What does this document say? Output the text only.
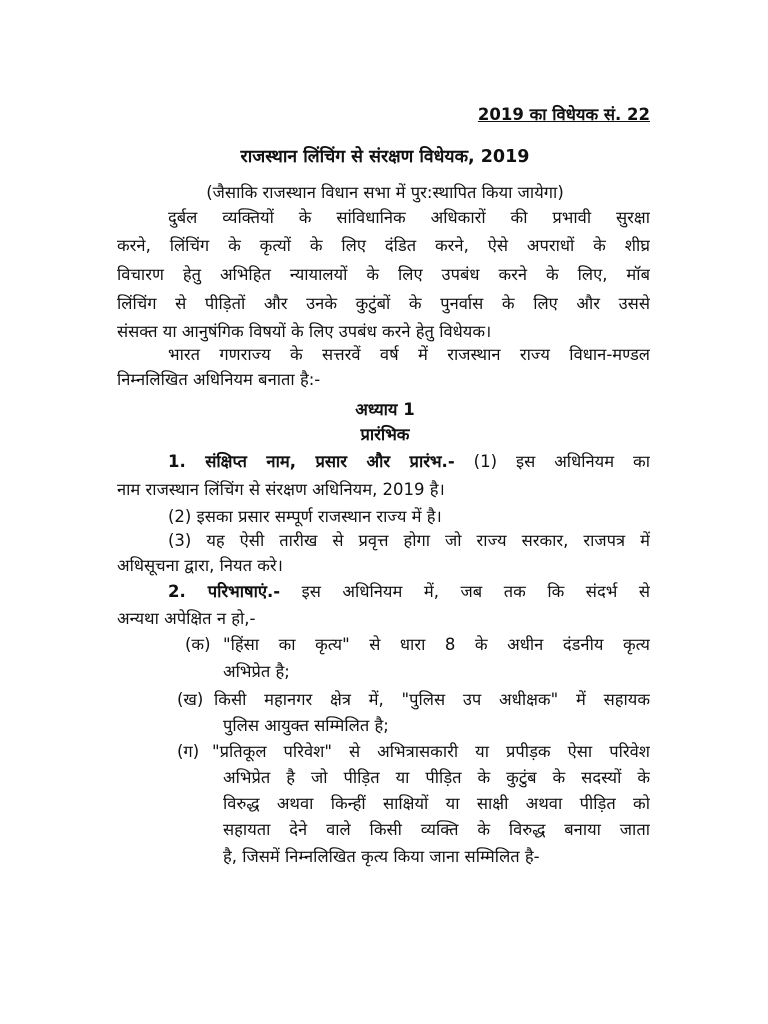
2019 का विधेयक सं. 22
राजस्थान लिंचिंग से संरक्षण विधेयक, 2019
(जैसाकि राजस्थान विधान सभा में पुर:स्थापित किया जायेगा)
दुर्बल व्यक्तियों के सांविधानिक अधिकारों की प्रभावी सुरक्षा
करने, लिंचिंग के कृत्यों के लिए दंडित करने, ऐसे अपराधों के शीघ्र
विचारण हेतु अभिहित न्यायालयों के लिए उपबंध करने के लिए, मॉब
लिंचिंग से पीड़ितों और उनके कुटुंबों के पुनर्वास के लिए और उससे
संसक्त या आनुषंगिक विषयों के लिए उपबंध करने हेतु विधेयक।
भारत गणराज्य के सत्तरवें वर्ष में राजस्थान राज्य विधान-मण्डल
निम्नलिखित अधिनियम बनाता है:-
अध्याय 1
प्रारंभिक
1. संक्षिप्त नाम, प्रसार और प्रारंभ.- (1) इस अधिनियम का
नाम राजस्थान लिंचिंग से संरक्षण अधिनियम, 2019 है।
(2) इसका प्रसार सम्पूर्ण राजस्थान राज्य में है।
(3) यह ऐसी तारीख से प्रवृत्त होगा जो राज्य सरकार, राजपत्र में
अधिसूचना द्वारा, नियत करे।
2. परिभाषाएं.- इस अधिनियम में, जब तक कि संदर्भ से
अन्यथा अपेक्षित न हो,-
(क) "हिंसा का कृत्य" से धारा 8 के अधीन दंडनीय कृत्य
अभिप्रेत है;
(ख) किसी महानगर क्षेत्र में, "पुलिस उप अधीक्षक" में सहायक
पुलिस आयुक्त सम्मिलित है;
(ग) "प्रतिकूल परिवेश" से अभित्रासकारी या प्रपीड़क ऐसा परिवेश
अभिप्रेत है जो पीड़ित या पीड़ित के कुटुंब के सदस्यों के
विरुद्ध अथवा किन्हीं साक्षियों या साक्षी अथवा पीड़ित को
सहायता देने वाले किसी व्यक्ति के विरुद्ध बनाया जाता
है, जिसमें निम्नलिखित कृत्य किया जाना सम्मिलित है-
